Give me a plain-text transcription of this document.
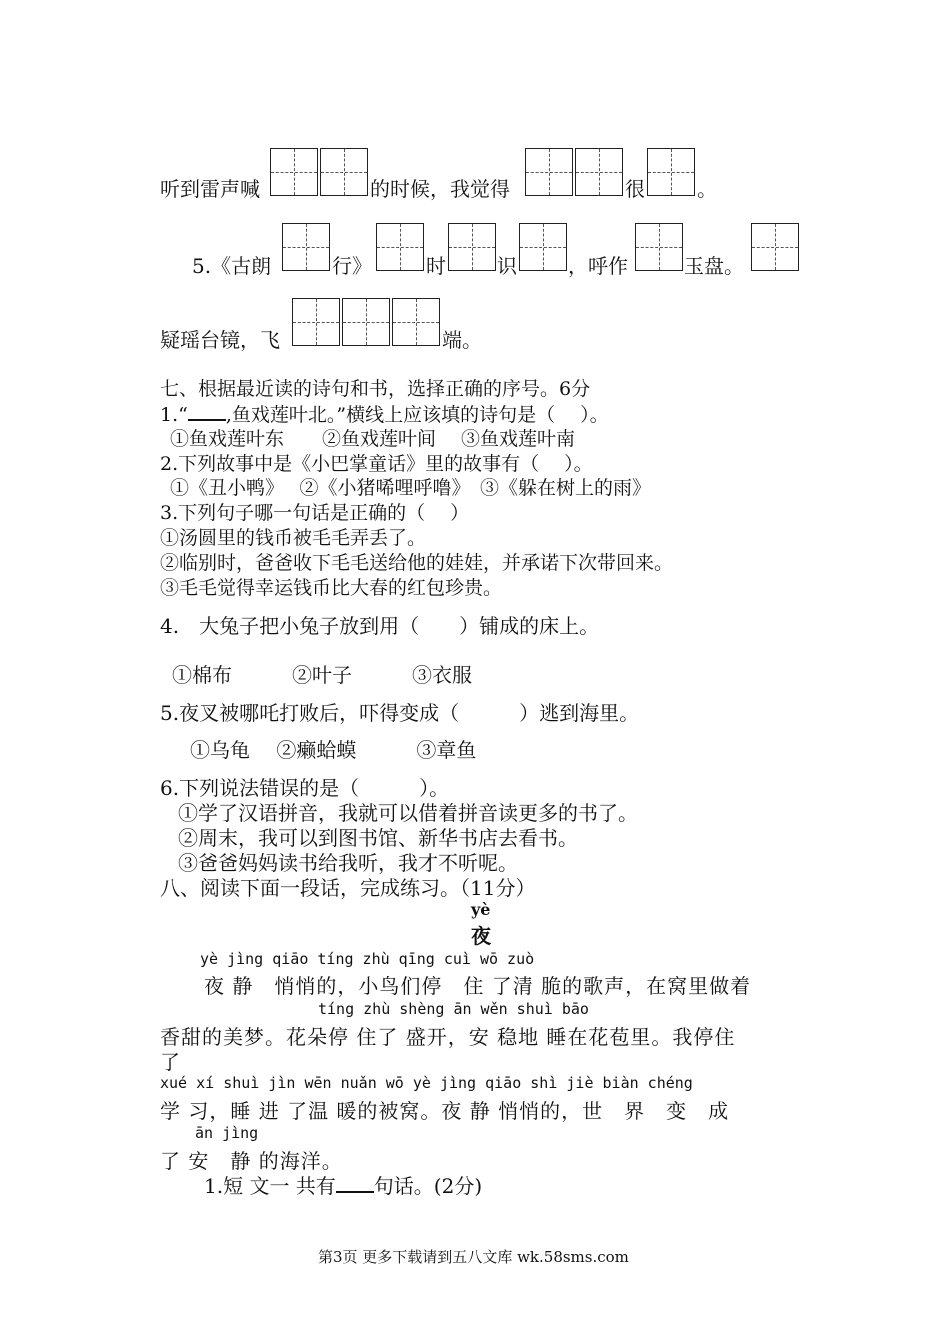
听到雷声喊	的时候，我觉得	很	。
5.《古朗	行》	时	识	，呼作	玉盘。
疑瑶台镜，飞	端。
七、根据最近读的诗句和书，选择正确的序号。6分
1.“ ,鱼戏莲叶北。”横线上应该填的诗句是（　 ）。
①鱼戏莲叶东　　②鱼戏莲叶间　 ③鱼戏莲叶南
2.下列故事中是《小巴掌童话》里的故事有（　 ）。
①《丑小鸭》　 ②《小猪唏哩呼噜》　③《躲在树上的雨》
3.下列句子哪一句话是正确的（　 ）
①汤圆里的钱币被毛毛弄丢了。
②临别时，爸爸收下毛毛送给他的娃娃，并承诺下次带回来。
③毛毛觉得幸运钱币比大春的红包珍贵。
4.　大兔子把小兔子放到用（　　）铺成的床上。
①棉布　　　②叶子　　　③衣服
5.夜叉被哪吒打败后，吓得变成（　　　）逃到海里。
①乌龟　 ②癞蛤蟆　　　③章鱼
6.下列说法错误的是（　　　）。
①学了汉语拼音，我就可以借着拼音读更多的书了。
②周末，我可以到图书馆、新华书店去看书。
③爸爸妈妈读书给我听，我才不听呢。
八、阅读下面一段话，完成练习。（11分）
yè
夜
yè jìng qiāo tíng zhù qīng cuì wō zuò
夜 静　悄悄的，小鸟们停　住 了清 脆的歌声，在窝里做着
tíng zhù shèng ān wěn shuì bāo
香甜的美梦。花朵停 住了 盛开，安 稳地 睡在花苞里。我停住
了
xué xí shuì jìn wēn nuǎn wō yè jìng qiāo shì jiè biàn chéng
学 习，睡 进 了温 暖的被窝。夜 静 悄悄的，世　界　变　成
ān jìng
了 安　静 的海洋。
1.短 文一 共有 句话。(2分)
第3页 更多下载请到五八文库 wk.58sms.com
